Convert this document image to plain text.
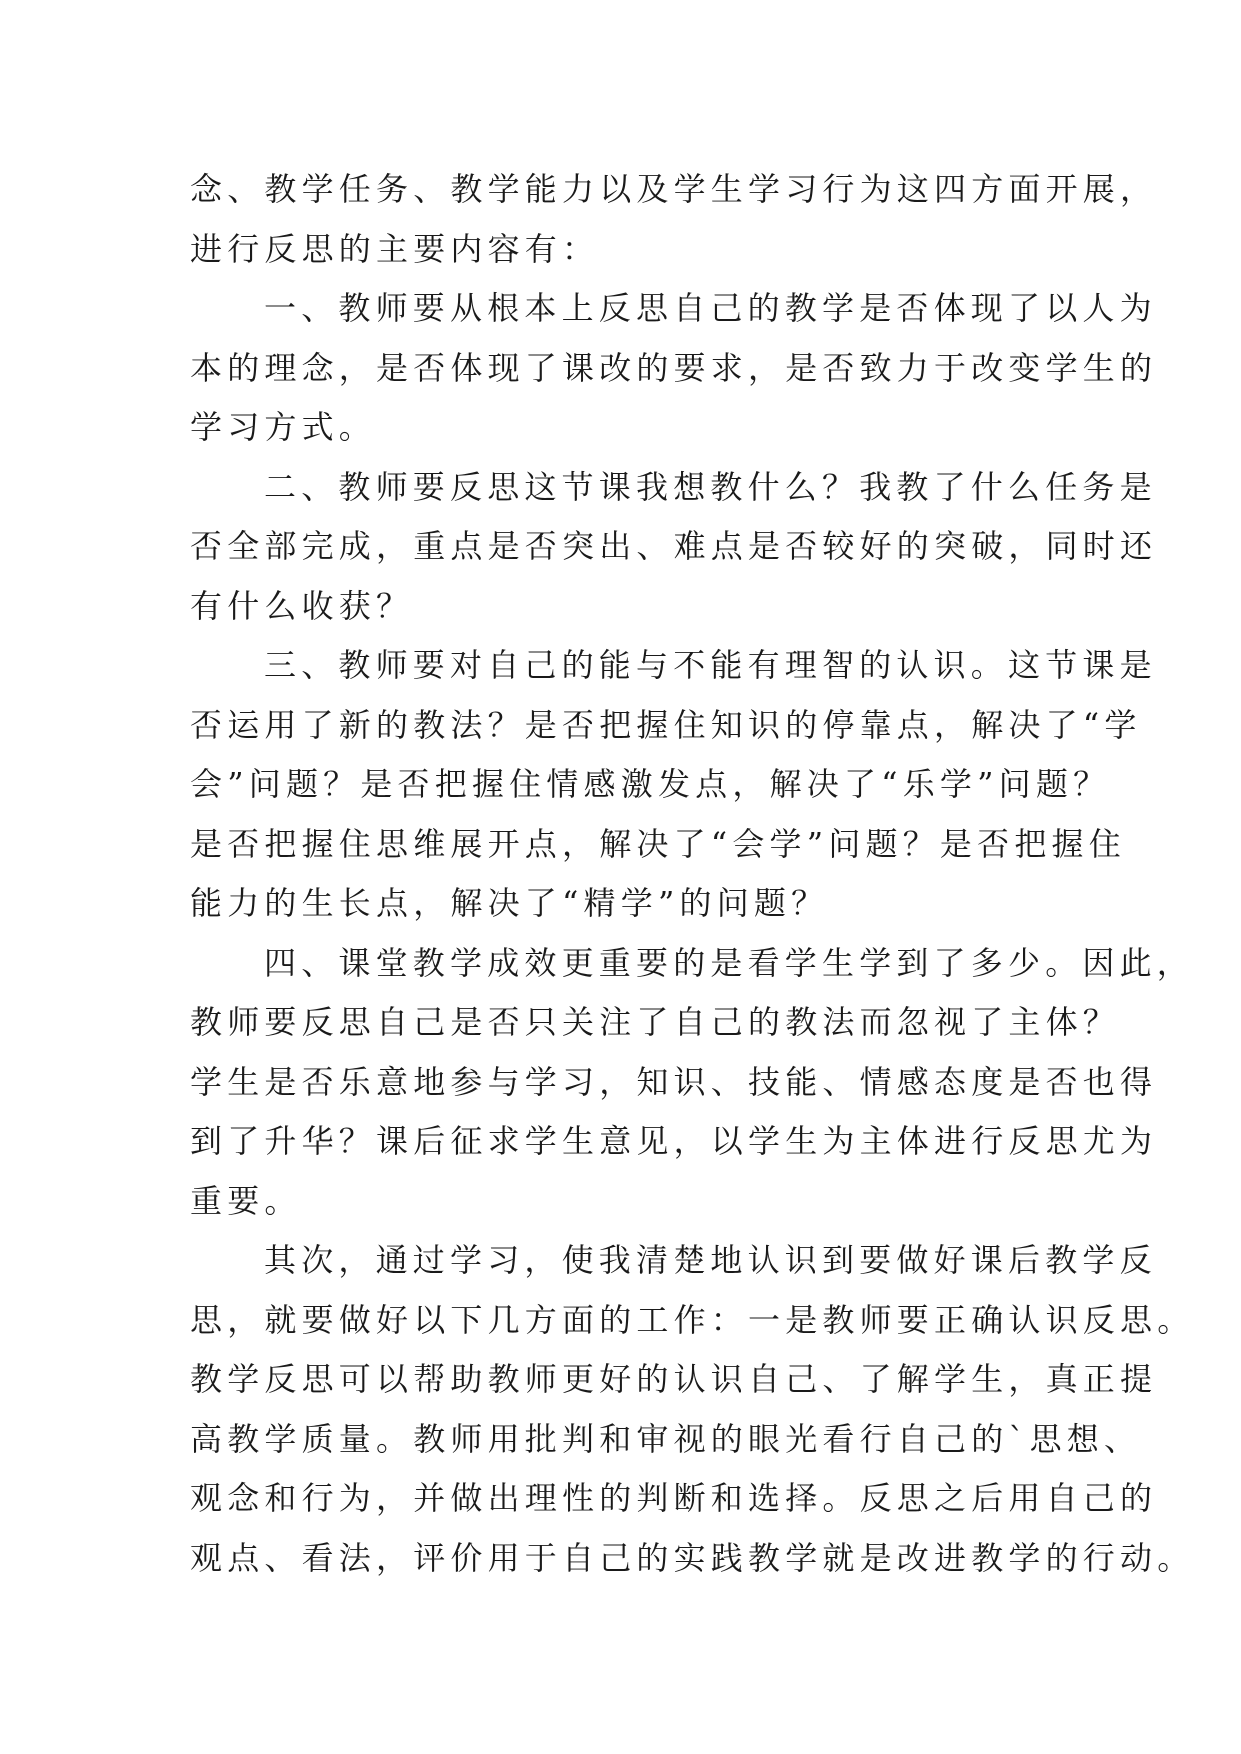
念、教学任务、教学能力以及学生学习行为这四方面开展，
进行反思的主要内容有：
一、教师要从根本上反思自己的教学是否体现了以人为
本的理念，是否体现了课改的要求，是否致力于改变学生的
学习方式。
二、教师要反思这节课我想教什么？我教了什么任务是
否全部完成，重点是否突出、难点是否较好的突破，同时还
有什么收获？
三、教师要对自己的能与不能有理智的认识。这节课是
否运用了新的教法？是否把握住知识的停靠点，解决了“学
会”问题？是否把握住情感激发点，解决了“乐学”问题？
是否把握住思维展开点，解决了“会学”问题？是否把握住
能力的生长点，解决了“精学”的问题？
四、课堂教学成效更重要的是看学生学到了多少。因此，
教师要反思自己是否只关注了自己的教法而忽视了主体？
学生是否乐意地参与学习，知识、技能、情感态度是否也得
到了升华？课后征求学生意见，以学生为主体进行反思尤为
重要。
其次，通过学习，使我清楚地认识到要做好课后教学反
思，就要做好以下几方面的工作：一是教师要正确认识反思。
教学反思可以帮助教师更好的认识自己、了解学生，真正提
高教学质量。教师用批判和审视的眼光看行自己的`思想、
观念和行为，并做出理性的判断和选择。反思之后用自己的
观点、看法，评价用于自己的实践教学就是改进教学的行动。
